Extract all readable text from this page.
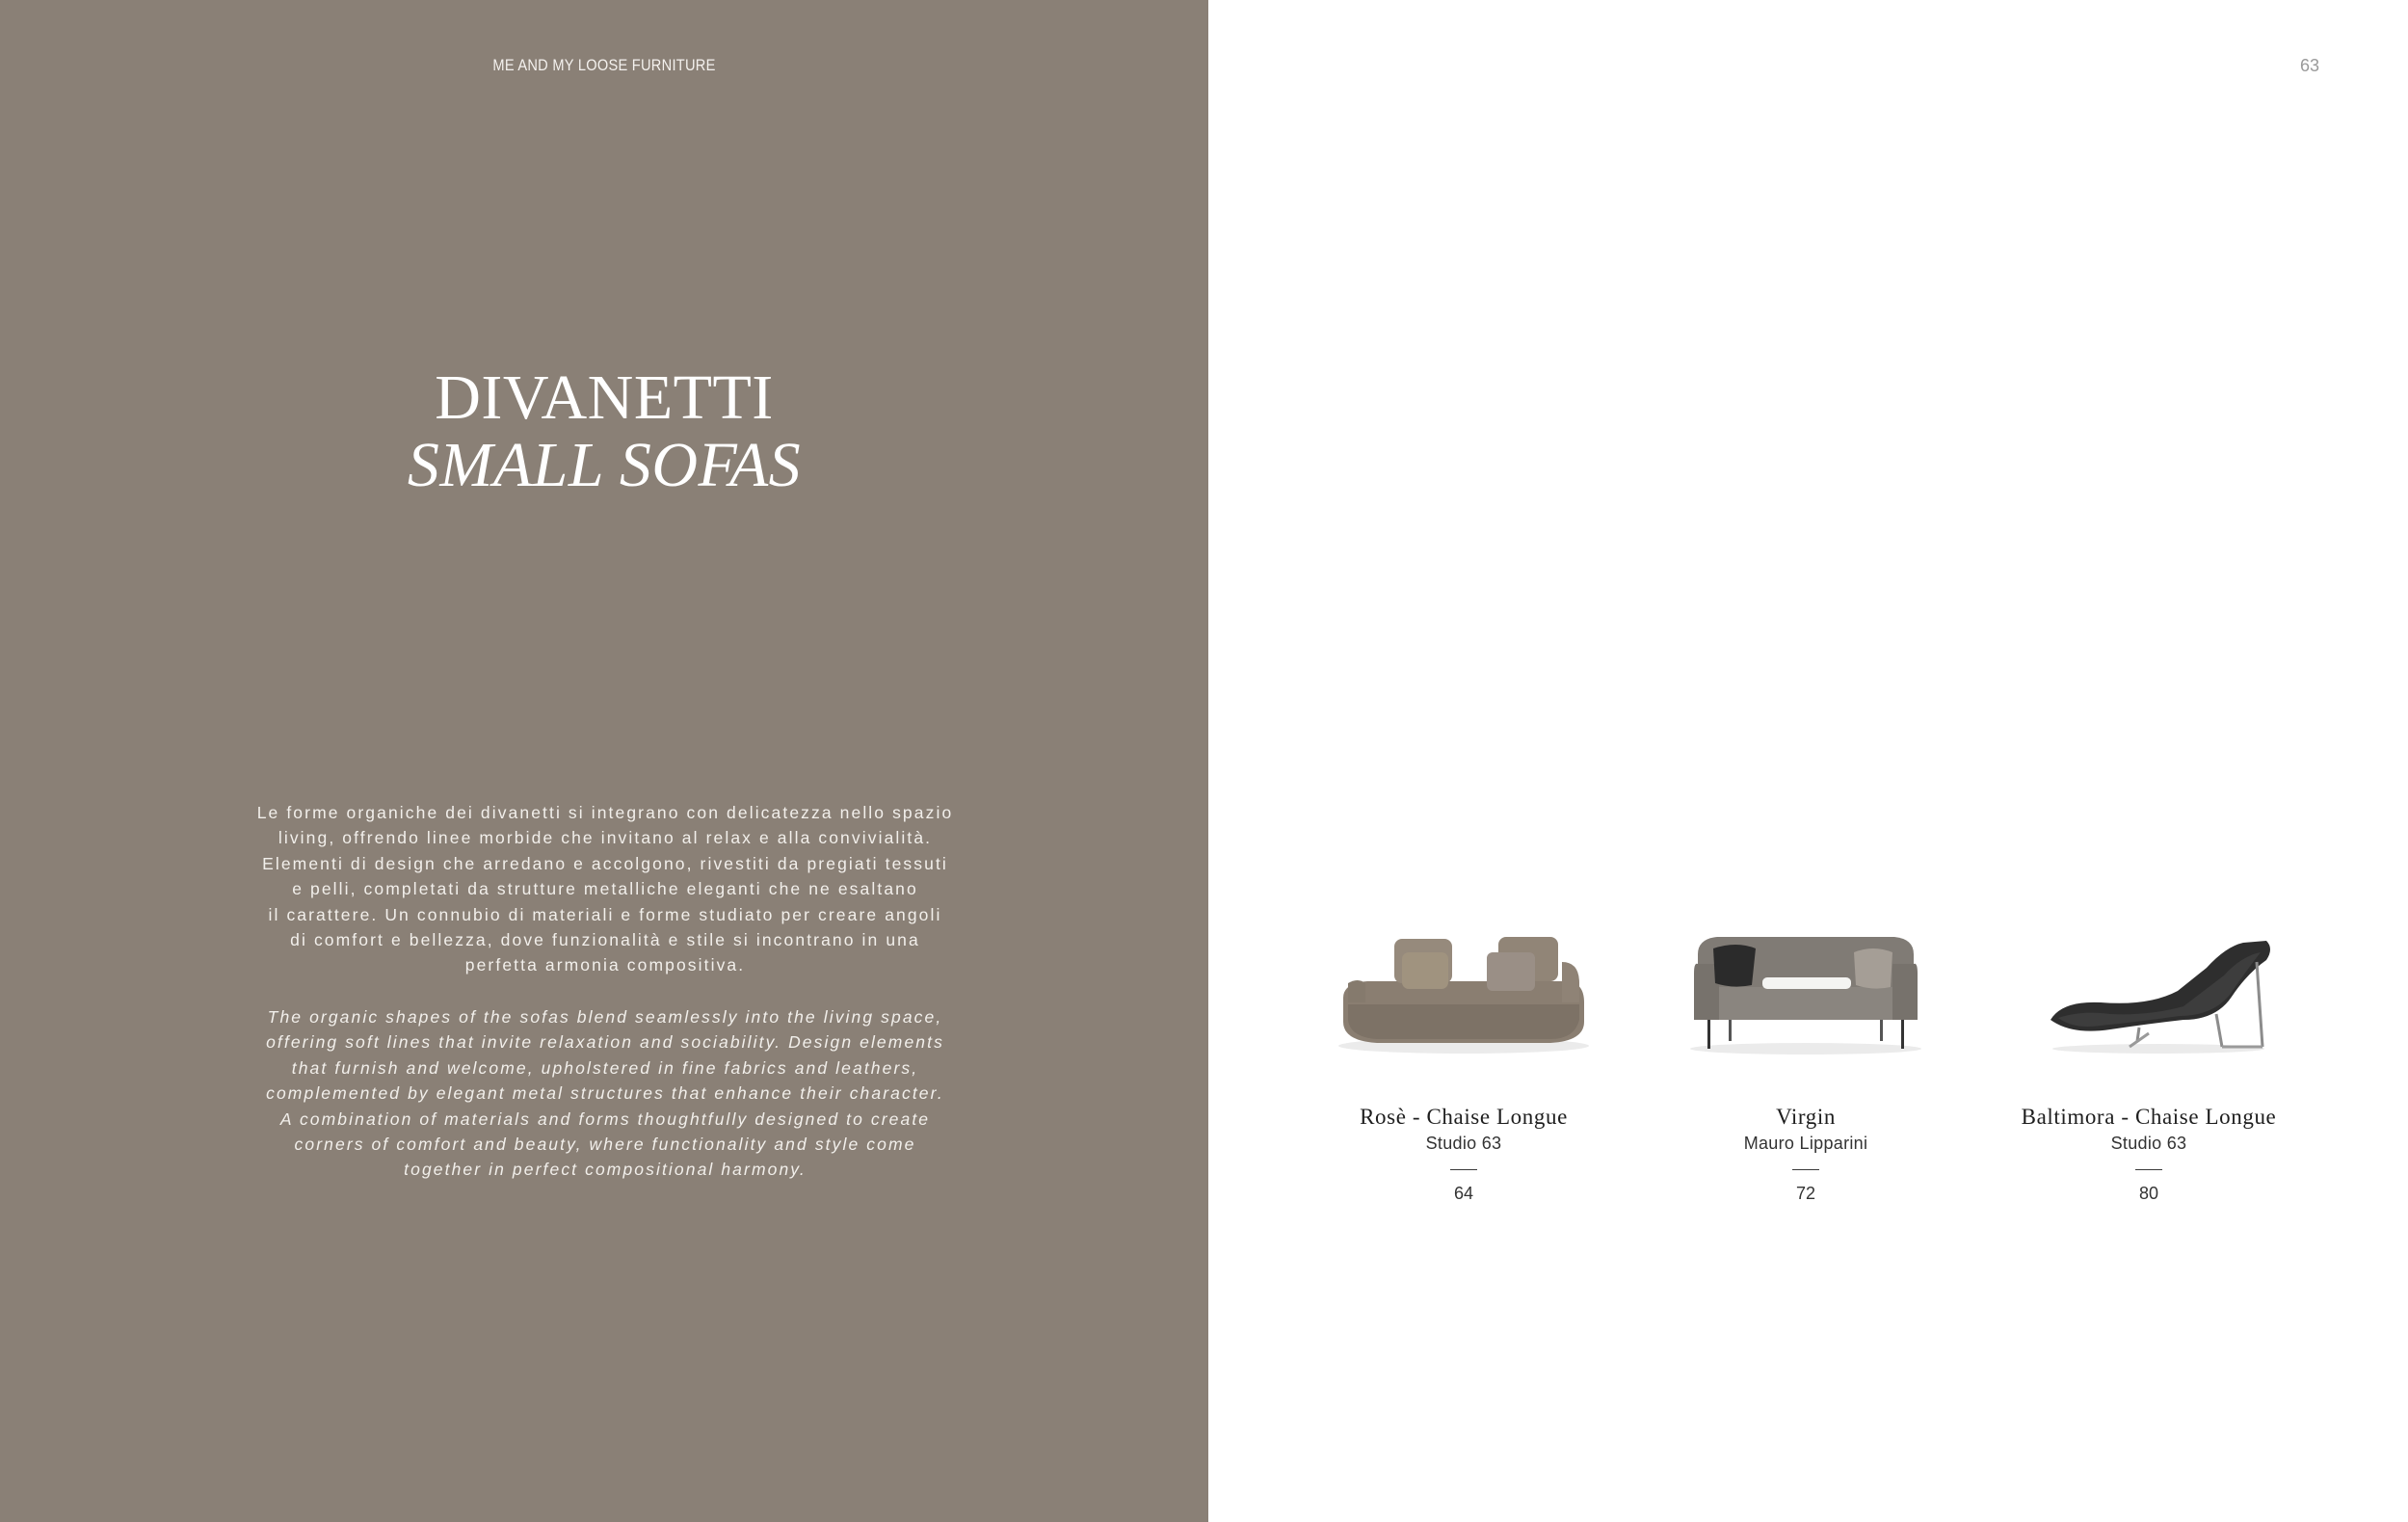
ME AND MY LOOSE FURNITURE
DIVANETTI
SMALL SOFAS
Le forme organiche dei divanetti si integrano con delicatezza nello spazio
living, offrendo linee morbide che invitano al relax e alla convivialità.
Elementi di design che arredano e accolgono, rivestiti da pregiati tessuti
e pelli, completati da strutture metalliche eleganti che ne esaltano
il carattere. Un connubio di materiali e forme studiato per creare angoli
di comfort e bellezza, dove funzionalità e stile si incontrano in una
perfetta armonia compositiva.
The organic shapes of the sofas blend seamlessly into the living space,
offering soft lines that invite relaxation and sociability. Design elements
that furnish and welcome, upholstered in fine fabrics and leathers,
complemented by elegant metal structures that enhance their character.
A combination of materials and forms thoughtfully designed to create
corners of comfort and beauty, where functionality and style come
together in perfect compositional harmony.
63
Rosè - Chaise Longue
Studio 63
64
Virgin
Mauro Lipparini
72
Baltimora - Chaise Longue
Studio 63
80
